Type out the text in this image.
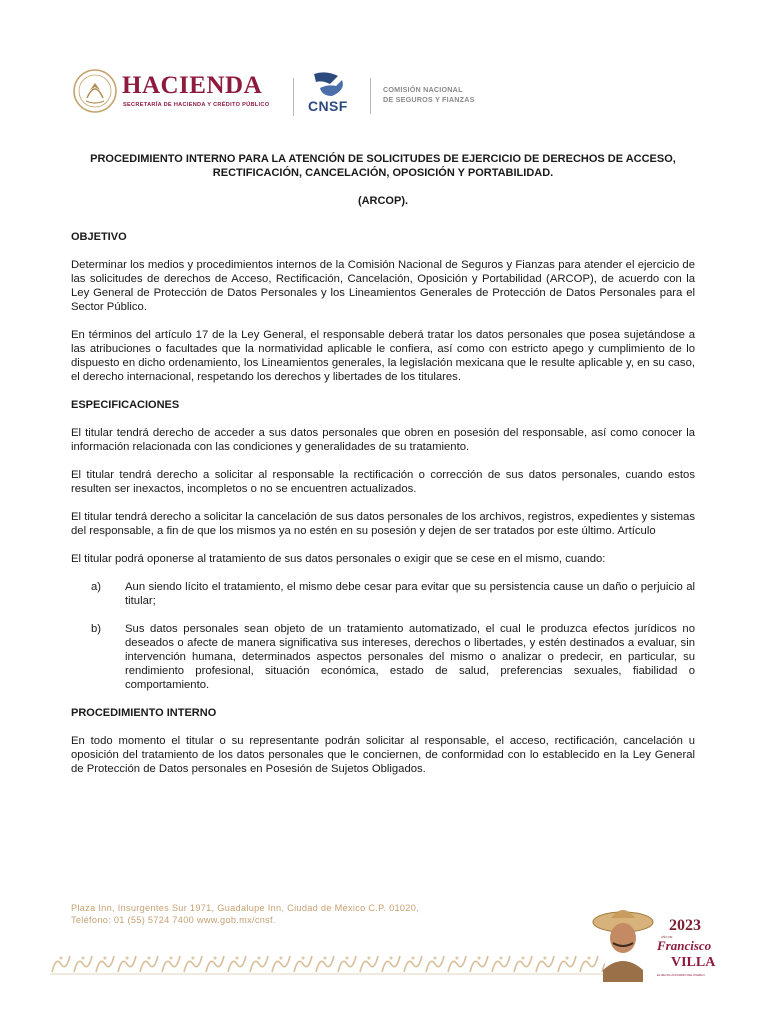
HACIENDA
SECRETARÍA DE HACIENDA Y CRÉDITO PÚBLICO	CNSF
COMISIÓN NACIONAL
DE SEGUROS Y FIANZAS
PROCEDIMIENTO INTERNO PARA LA ATENCIÓN DE SOLICITUDES DE EJERCICIO DE DERECHOS DE ACCESO, RECTIFICACIÓN, CANCELACIÓN, OPOSICIÓN Y PORTABILIDAD.
(ARCOP).
OBJETIVO

Determinar los medios y procedimientos internos de la Comisión Nacional de Seguros y Fianzas para atender el ejercicio de las solicitudes de derechos de Acceso, Rectificación, Cancelación, Oposición y Portabilidad (ARCOP), de acuerdo con la Ley General de Protección de Datos Personales y los Lineamientos Generales de Protección de Datos Personales para el Sector Público.

En términos del artículo 17 de la Ley General, el responsable deberá tratar los datos personales que posea sujetándose a las atribuciones o facultades que la normatividad aplicable le confiera, así como con estricto apego y cumplimiento de lo dispuesto en dicho ordenamiento, los Lineamientos generales, la legislación mexicana que le resulte aplicable y, en su caso, el derecho internacional, respetando los derechos y libertades de los titulares.

ESPECIFICACIONES

El titular tendrá derecho de acceder a sus datos personales que obren en posesión del responsable, así como conocer la información relacionada con las condiciones y generalidades de su tratamiento.

El titular tendrá derecho a solicitar al responsable la rectificación o corrección de sus datos personales, cuando estos resulten ser inexactos, incompletos o no se encuentren actualizados.

El titular tendrá derecho a solicitar la cancelación de sus datos personales de los archivos, registros, expedientes y sistemas del responsable, a fin de que los mismos ya no estén en su posesión y dejen de ser tratados por este último. Artículo

El titular podrá oponerse al tratamiento de sus datos personales o exigir que se cese en el mismo, cuando:

a)	Aun siendo lícito el tratamiento, el mismo debe cesar para evitar que su persistencia cause un daño o perjuicio al titular;
b)	Sus datos personales sean objeto de un tratamiento automatizado, el cual le produzca efectos jurídicos no deseados o afecte de manera significativa sus intereses, derechos o libertades, y estén destinados a evaluar, sin intervención humana, determinados aspectos personales del mismo o analizar o predecir, en particular, su rendimiento profesional, situación económica, estado de salud, preferencias sexuales, fiabilidad o comportamiento.
PROCEDIMIENTO INTERNO

En todo momento el titular o su representante podrán solicitar al responsable, el acceso, rectificación, cancelación u oposición del tratamiento de los datos personales que le conciernen, de conformidad con lo establecido en la Ley General de Protección de Datos personales en Posesión de Sujetos Obligados.

Plaza Inn, Insurgentes Sur 1971, Guadalupe Inn, Ciudad de México C.P. 01020,
Teléfono: 01 (55) 5724 7400 www.gob.mx/cnsf.	2023
AÑO DE
Francisco
VILLA
EL REVOLUCIONARIO DEL PUEBLO
